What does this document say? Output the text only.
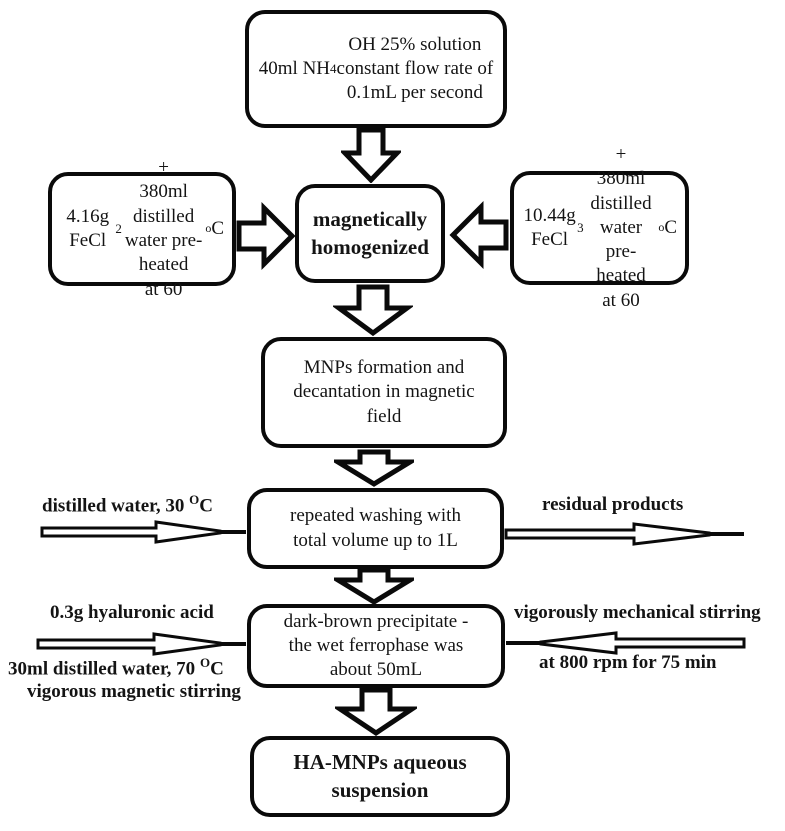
40ml NH 4
OH 25% solution
constant flow rate of
0.1mL per second
4.16g FeCl
2
+
380ml distilled
water pre-heated
at 60
o C	magnetically
homogenized
10.44g FeCl
3
+
380ml distilled
water pre-heated
at 60
o C
MNPs formation and
decantation in magnetic
field
repeated washing with
total volume up to 1L
dark-brown precipitate -
the wet ferrophase was
about 50mL
HA-MNPs aqueous
suspension
distilled water, 30 $^O$C	residual products
0.3g hyaluronic acid
30ml distilled water, 70 $^O$C
vigorous magnetic stirring
vigorously mechanical stirring
at 800 rpm for 75 min
